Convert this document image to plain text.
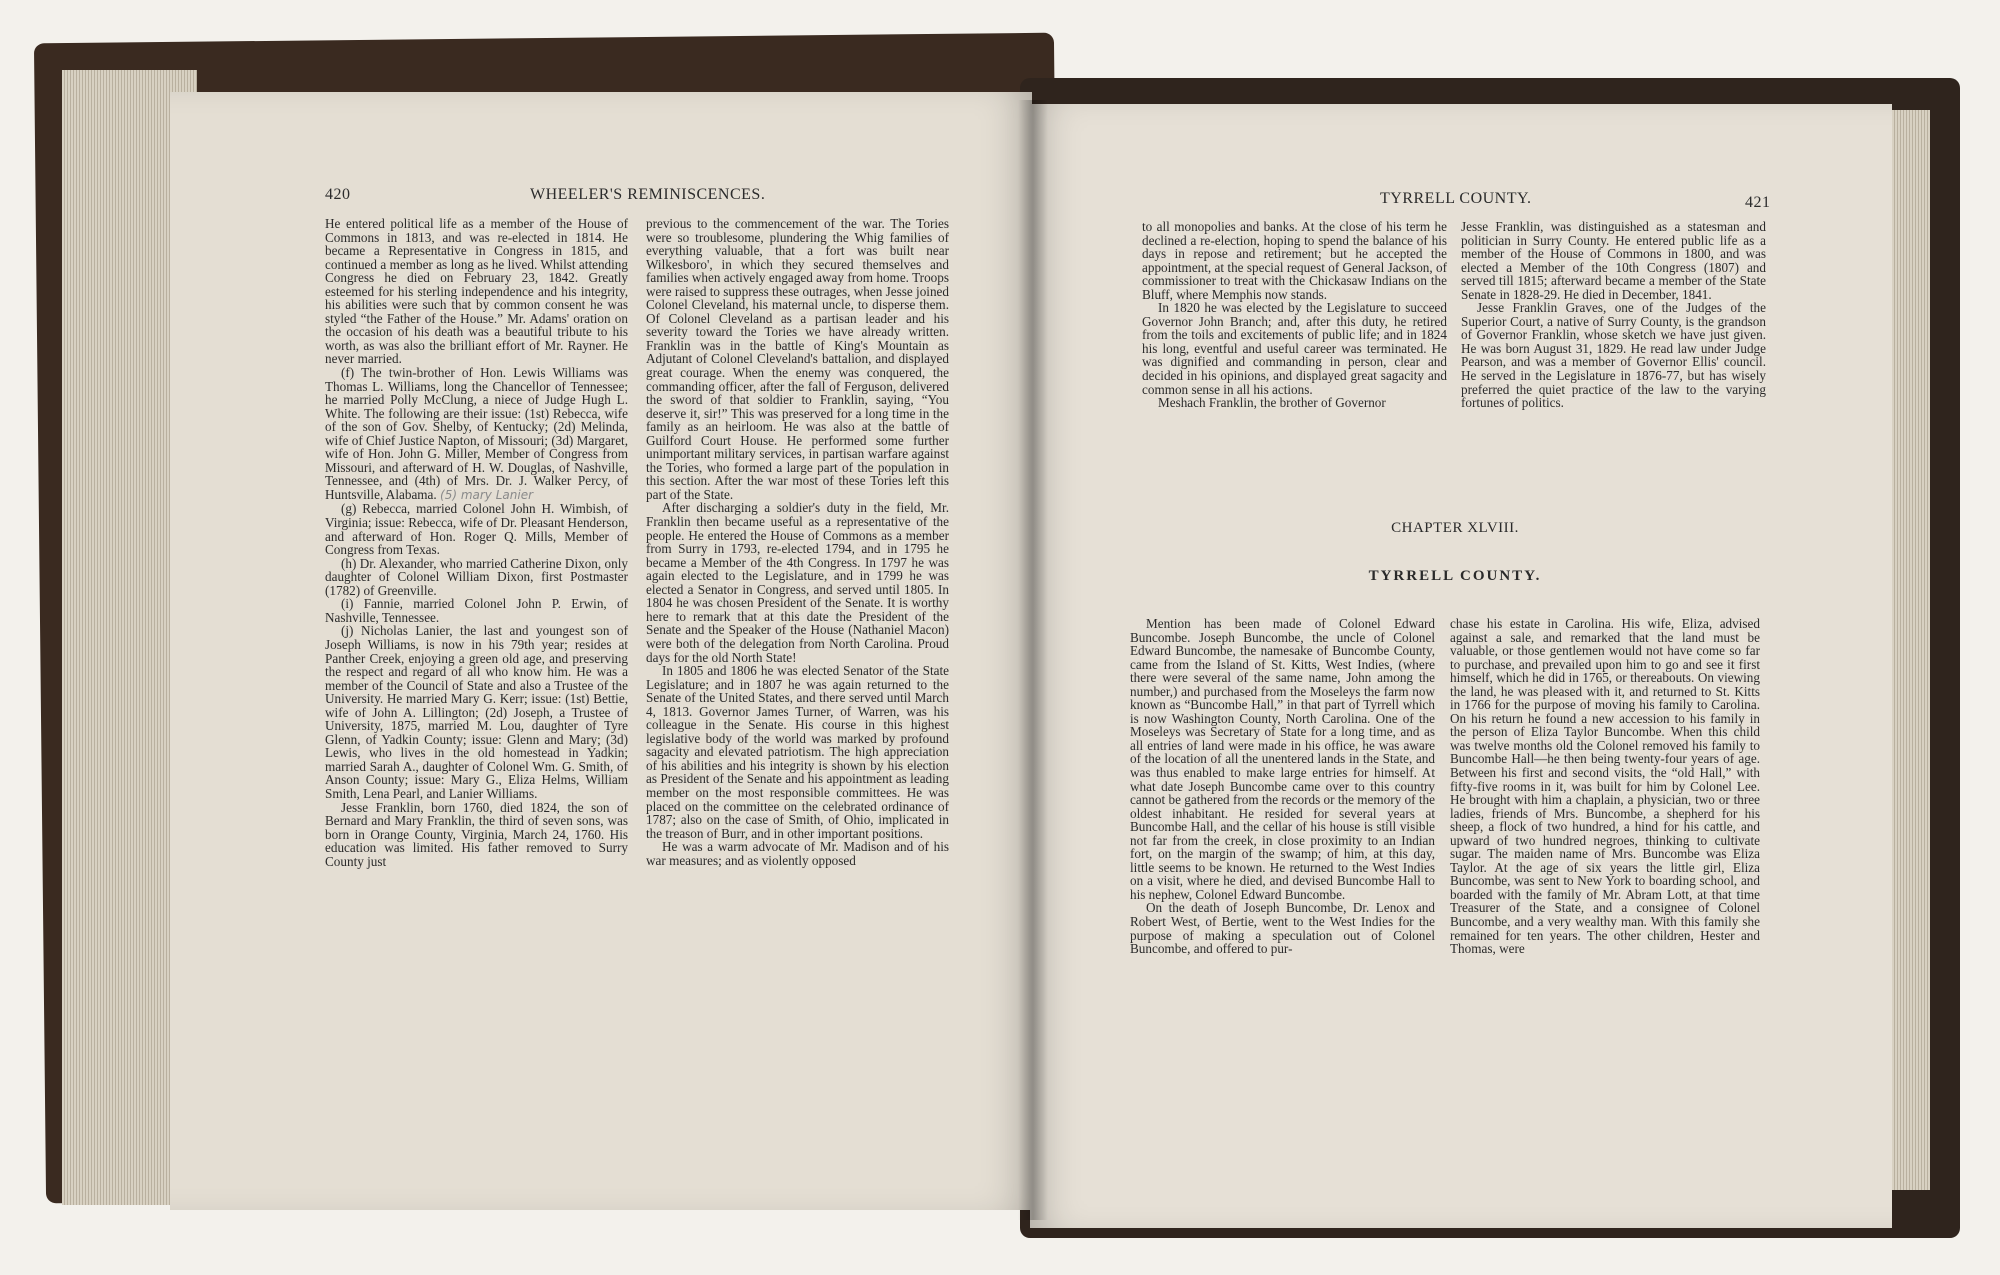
420	WHEELER'S REMINISCENCES.	TYRRELL COUNTY.	421

He entered political life as a member of the House of Commons in 1813, and was re-elected in 1814. He became a Representative in Congress in 1815, and continued a member as long as he lived. Whilst attending Congress he died on February 23, 1842. Greatly esteemed for his sterling independence and his integrity, his abilities were such that by common consent he was styled “the Father of the House.” Mr. Adams' oration on the occasion of his death was a beautiful tribute to his worth, as was also the brilliant effort of Mr. Rayner. He never married.

(f) The twin-brother of Hon. Lewis Williams was Thomas L. Williams, long the Chancellor of Tennessee; he married Polly McClung, a niece of Judge Hugh L. White. The following are their issue: (1st) Rebecca, wife of the son of Gov. Shelby, of Kentucky; (2d) Melinda, wife of Chief Justice Napton, of Missouri; (3d) Margaret, wife of Hon. John G. Miller, Member of Congress from Missouri, and afterward of H. W. Douglas, of Nashville, Tennessee, and (4th) of Mrs. Dr. J. Walker Percy, of Huntsville, Alabama. (5) mary Lanier

(g) Rebecca, married Colonel John H. Wimbish, of Virginia; issue: Rebecca, wife of Dr. Pleasant Henderson, and afterward of Hon. Roger Q. Mills, Member of Congress from Texas.

(h) Dr. Alexander, who married Catherine Dixon, only daughter of Colonel William Dixon, first Postmaster (1782) of Greenville.

(i) Fannie, married Colonel John P. Erwin, of Nashville, Tennessee.

(j) Nicholas Lanier, the last and youngest son of Joseph Williams, is now in his 79th year; resides at Panther Creek, enjoying a green old age, and preserving the respect and regard of all who know him. He was a member of the Council of State and also a Trustee of the University. He married Mary G. Kerr; issue: (1st) Bettie, wife of John A. Lillington; (2d) Joseph, a Trustee of University, 1875, married M. Lou, daughter of Tyre Glenn, of Yadkin County; issue: Glenn and Mary; (3d) Lewis, who lives in the old homestead in Yadkin; married Sarah A., daughter of Colonel Wm. G. Smith, of Anson County; issue: Mary G., Eliza Helms, William Smith, Lena Pearl, and Lanier Williams.

Jesse Franklin, born 1760, died 1824, the son of Bernard and Mary Franklin, the third of seven sons, was born in Orange County, Virginia, March 24, 1760. His education was limited. His father removed to Surry County just

previous to the commencement of the war. The Tories were so troublesome, plundering the Whig families of everything valuable, that a fort was built near Wilkesboro', in which they secured themselves and families when actively engaged away from home. Troops were raised to suppress these outrages, when Jesse joined Colonel Cleveland, his maternal uncle, to disperse them. Of Colonel Cleveland as a partisan leader and his severity toward the Tories we have already written. Franklin was in the battle of King's Mountain as Adjutant of Colonel Cleveland's battalion, and displayed great courage. When the enemy was conquered, the commanding officer, after the fall of Ferguson, delivered the sword of that soldier to Franklin, saying, “You deserve it, sir!” This was preserved for a long time in the family as an heirloom. He was also at the battle of Guilford Court House. He performed some further unimportant military services, in partisan warfare against the Tories, who formed a large part of the population in this section. After the war most of these Tories left this part of the State.

After discharging a soldier's duty in the field, Mr. Franklin then became useful as a representative of the people. He entered the House of Commons as a member from Surry in 1793, re-elected 1794, and in 1795 he became a Member of the 4th Congress. In 1797 he was again elected to the Legislature, and in 1799 he was elected a Senator in Congress, and served until 1805. In 1804 he was chosen President of the Senate. It is worthy here to remark that at this date the President of the Senate and the Speaker of the House (Nathaniel Macon) were both of the delegation from North Carolina. Proud days for the old North State!

In 1805 and 1806 he was elected Senator of the State Legislature; and in 1807 he was again returned to the Senate of the United States, and there served until March 4, 1813. Governor James Turner, of Warren, was his colleague in the Senate. His course in this highest legislative body of the world was marked by profound sagacity and elevated patriotism. The high appreciation of his abilities and his integrity is shown by his election as President of the Senate and his appointment as leading member on the most responsible committees. He was placed on the committee on the celebrated ordinance of 1787; also on the case of Smith, of Ohio, implicated in the treason of Burr, and in other important positions.

He was a warm advocate of Mr. Madison and of his war measures; and as violently opposed

to all monopolies and banks. At the close of his term he declined a re-election, hoping to spend the balance of his days in repose and retirement; but he accepted the appointment, at the special request of General Jackson, of commissioner to treat with the Chickasaw Indians on the Bluff, where Memphis now stands.

In 1820 he was elected by the Legislature to succeed Governor John Branch; and, after this duty, he retired from the toils and excitements of public life; and in 1824 his long, eventful and useful career was terminated. He was dignified and commanding in person, clear and decided in his opinions, and displayed great sagacity and common sense in all his actions.

Meshach Franklin, the brother of Governor

Jesse Franklin, was distinguished as a statesman and politician in Surry County. He entered public life as a member of the House of Commons in 1800, and was elected a Member of the 10th Congress (1807) and served till 1815; afterward became a member of the State Senate in 1828-29. He died in December, 1841.

Jesse Franklin Graves, one of the Judges of the Superior Court, a native of Surry County, is the grandson of Governor Franklin, whose sketch we have just given. He was born August 31, 1829. He read law under Judge Pearson, and was a member of Governor Ellis' council. He served in the Legislature in 1876-77, but has wisely preferred the quiet practice of the law to the varying fortunes of politics.

CHAPTER XLVIII.
TYRRELL COUNTY.

Mention has been made of Colonel Edward Buncombe. Joseph Buncombe, the uncle of Colonel Edward Buncombe, the namesake of Buncombe County, came from the Island of St. Kitts, West Indies, (where there were several of the same name, John among the number,) and purchased from the Moseleys the farm now known as “Buncombe Hall,” in that part of Tyrrell which is now Washington County, North Carolina. One of the Moseleys was Secretary of State for a long time, and as all entries of land were made in his office, he was aware of the location of all the unentered lands in the State, and was thus enabled to make large entries for himself. At what date Joseph Buncombe came over to this country cannot be gathered from the records or the memory of the oldest inhabitant. He resided for several years at Buncombe Hall, and the cellar of his house is still visible not far from the creek, in close proximity to an Indian fort, on the margin of the swamp; of him, at this day, little seems to be known. He returned to the West Indies on a visit, where he died, and devised Buncombe Hall to his nephew, Colonel Edward Buncombe.

On the death of Joseph Buncombe, Dr. Lenox and Robert West, of Bertie, went to the West Indies for the purpose of making a speculation out of Colonel Buncombe, and offered to pur-

chase his estate in Carolina. His wife, Eliza, advised against a sale, and remarked that the land must be valuable, or those gentlemen would not have come so far to purchase, and prevailed upon him to go and see it first himself, which he did in 1765, or thereabouts. On viewing the land, he was pleased with it, and returned to St. Kitts in 1766 for the purpose of moving his family to Carolina. On his return he found a new accession to his family in the person of Eliza Taylor Buncombe. When this child was twelve months old the Colonel removed his family to Buncombe Hall—he then being twenty-four years of age. Between his first and second visits, the “old Hall,” with fifty-five rooms in it, was built for him by Colonel Lee. He brought with him a chaplain, a physician, two or three ladies, friends of Mrs. Buncombe, a shepherd for his sheep, a flock of two hundred, a hind for his cattle, and upward of two hundred negroes, thinking to cultivate sugar. The maiden name of Mrs. Buncombe was Eliza Taylor. At the age of six years the little girl, Eliza Buncombe, was sent to New York to boarding school, and boarded with the family of Mr. Abram Lott, at that time Treasurer of the State, and a consignee of Colonel Buncombe, and a very wealthy man. With this family she remained for ten years. The other children, Hester and Thomas, were
